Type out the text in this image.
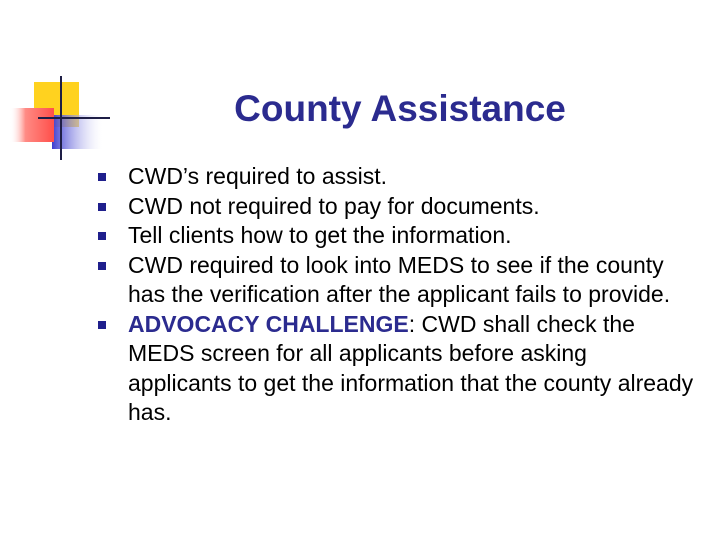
County Assistance
CWD’s required to assist.
CWD not required to pay for documents.
Tell clients how to get the information.
CWD required to look into MEDS to see if the county has the verification after the applicant fails to provide.
ADVOCACY CHALLENGE: CWD shall check the MEDS screen for all applicants before asking applicants to get the information that the county already has.
